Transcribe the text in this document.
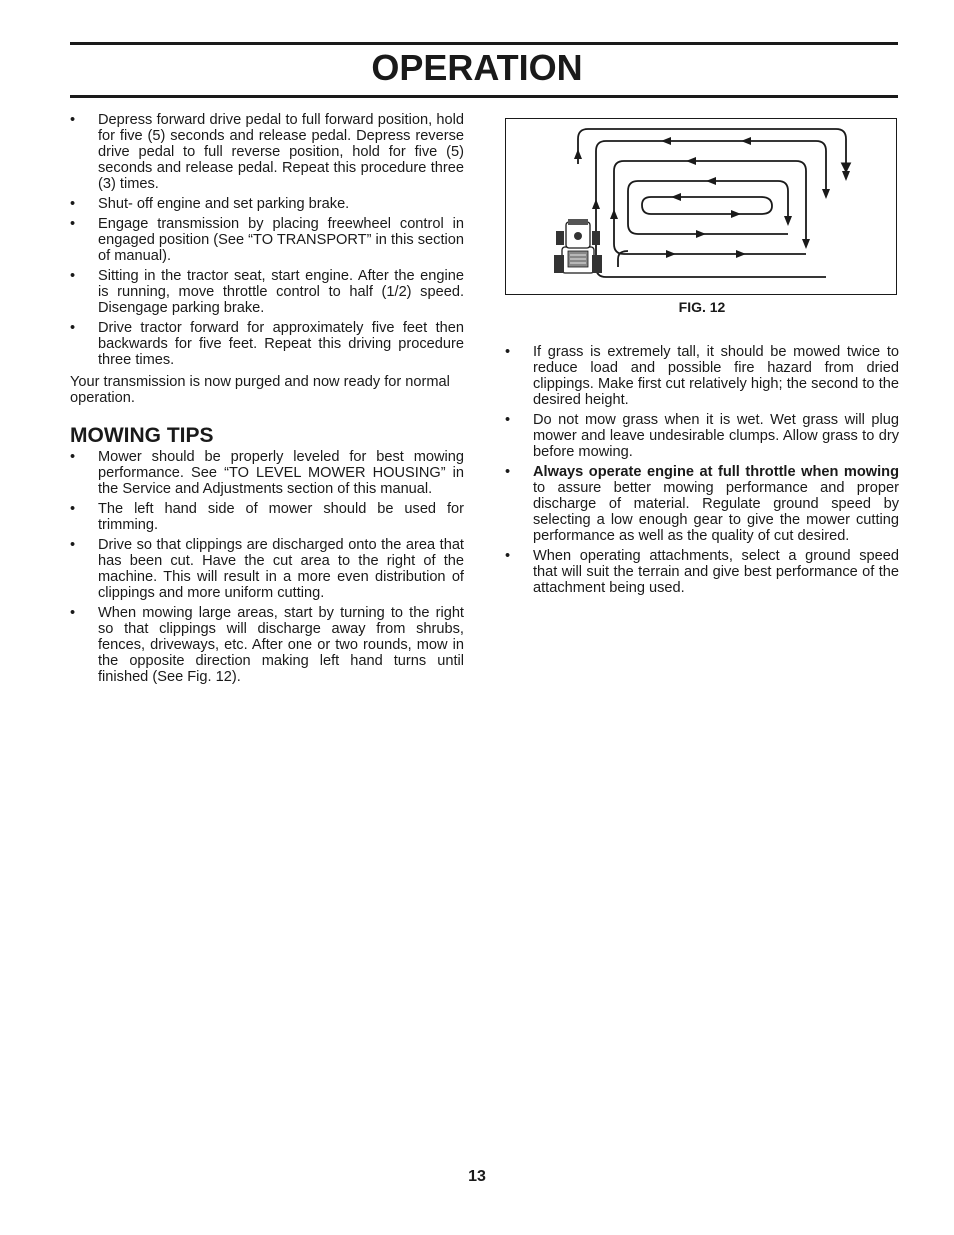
OPERATION
• Depress forward drive pedal to full forward position, hold for five (5) seconds and release pedal. Depress reverse drive pedal to full reverse position, hold for five (5) seconds and release pedal. Repeat this procedure three (3) times.
• Shut- off engine and set parking brake.
• Engage transmission by placing freewheel control in engaged position (See “TO TRANSPORT” in this section of manual).
• Sitting in the tractor seat, start engine. After the engine is running, move throttle control to half (1/2) speed. Disengage parking brake.
• Drive tractor forward for approximately five feet then backwards for five feet. Repeat this driving procedure three times.

Your transmission is now purged and now ready for normal operation.

MOWING TIPS
• Mower should be properly leveled for best mowing performance. See “TO LEVEL MOWER HOUSING” in the Service and Adjustments section of this manual.
• The left hand side of mower should be used for trimming.
• Drive so that clippings are discharged onto the area that has been cut. Have the cut area to the right of the machine. This will result in a more even distribution of clippings and more uniform cutting.
• When mowing large areas, start by turning to the right so that clippings will discharge away from shrubs, fences, driveways, etc. After one or two rounds, mow in the opposite direction making left hand turns until finished (See Fig. 12).
FIG. 12
• If grass is extremely tall, it should be mowed twice to reduce load and possible fire hazard from dried clippings. Make first cut relatively high; the second to the desired height.
• Do not mow grass when it is wet. Wet grass will plug mower and leave undesirable clumps. Allow grass to dry before mowing.
• Always operate engine at full throttle when mowing to assure better mowing performance and proper discharge of material. Regulate ground speed by selecting a low enough gear to give the mower cutting performance as well as the quality of cut desired.
• When operating attachments, select a ground speed that will suit the terrain and give best performance of the attachment being used.
13
